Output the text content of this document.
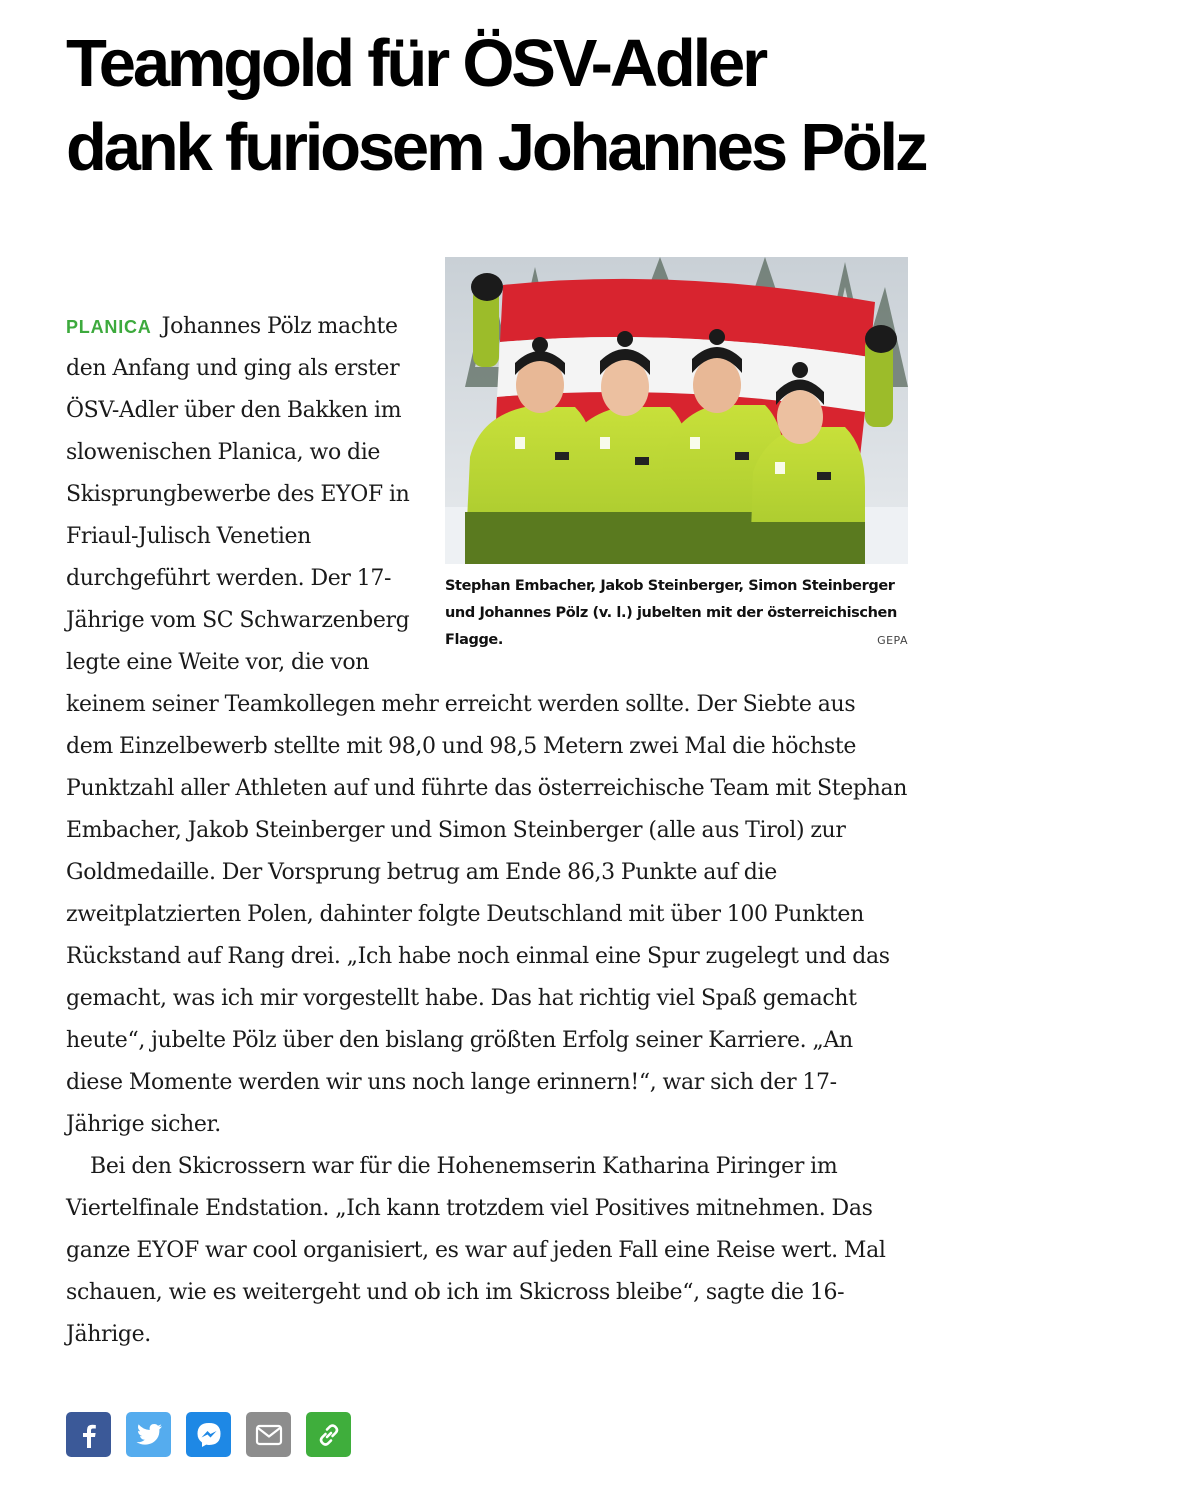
Teamgold für ÖSV-Adler
dank furiosem Johannes Pölz
Stephan Embacher, Jakob Steinberger, Simon Steinberger und Johannes Pölz (v. l.) jubelten mit der österreichischen Flagge.	GEPA

PLANICA Johannes Pölz machte den Anfang und ging als erster ÖSV-Adler über den Bakken im slowenischen Planica, wo die Skisprungbewerbe des EYOF in Friaul-Julisch Venetien durchgeführt werden. Der 17-Jährige vom SC Schwarzenberg legte eine Weite vor, die von keinem seiner Teamkollegen mehr erreicht werden sollte. Der Siebte aus dem Einzelbewerb stellte mit 98,0 und 98,5 Metern zwei Mal die höchste Punktzahl aller Athleten auf und führte das österreichische Team mit Stephan Embacher, Jakob Steinberger und Simon Steinberger (alle aus Tirol) zur Goldmedaille. Der Vorsprung betrug am Ende 86,3 Punkte auf die zweitplatzierten Polen, dahinter folgte Deutschland mit über 100 Punkten Rückstand auf Rang drei. „Ich habe noch einmal eine Spur zugelegt und das gemacht, was ich mir vorgestellt habe. Das hat richtig viel Spaß gemacht heute“, jubelte Pölz über den bislang größten Erfolg seiner Karriere. „An diese Momente werden wir uns noch lange erinnern!“, war sich der 17-Jährige sicher.

Bei den Skicrossern war für die Hohenemserin Katharina Piringer im Viertelfinale Endstation. „Ich kann trotzdem viel Positives mitnehmen. Das ganze EYOF war cool organisiert, es war auf jeden Fall eine Reise wert. Mal schauen, wie es weitergeht und ob ich im Skicross bleibe“, sagte die 16-Jährige.
